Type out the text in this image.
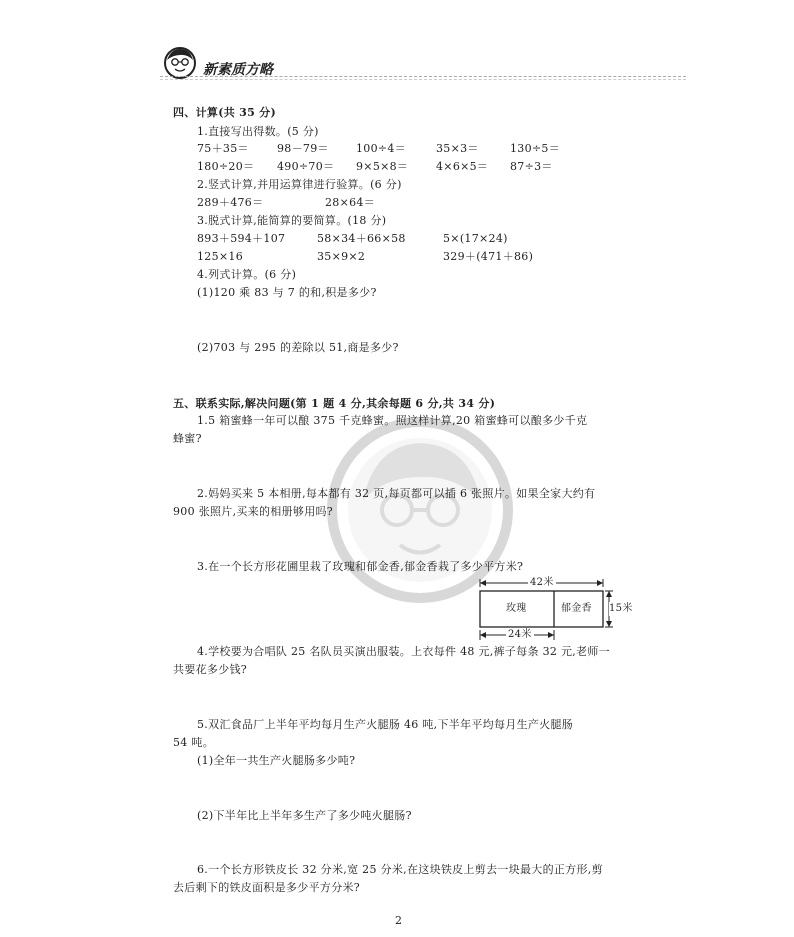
新素质方略
四、计算(共 35 分)
1.直接写出得数。(5 分)
75＋35＝	98－79＝ 100÷4＝	35×3＝	130÷5＝
180÷20＝ 490÷70＝ 9×5×8＝	4×6×5＝ 87÷3＝
2.竖式计算,并用运算律进行验算。(6 分)
289＋476＝	28×64＝
3.脱式计算,能简算的要简算。(18 分)
893＋594＋107	58×34＋66×58	5×(17×24)
125×16	35×9×2	329＋(471＋86)
4.列式计算。(6 分)
(1)120 乘 83 与 7 的和,积是多少?
(2)703 与 295 的差除以 51,商是多少?
五、联系实际,解决问题(第 1 题 4 分,其余每题 6 分,共 34 分)
1.5 箱蜜蜂一年可以酿 375 千克蜂蜜。照这样计算,20 箱蜜蜂可以酿多少千克
蜂蜜?
2.妈妈买来 5 本相册,每本都有 32 页,每页都可以插 6 张照片。如果全家大约有
900 张照片,买来的相册够用吗?
3.在一个长方形花圃里栽了玫瑰和郁金香,郁金香栽了多少平方米?
42米
玫瑰	郁金香 15米
24米
4.学校要为合唱队 25 名队员买演出服装。上衣每件 48 元,裤子每条 32 元,老师一
共要花多少钱?
5.双汇食品厂上半年平均每月生产火腿肠 46 吨,下半年平均每月生产火腿肠
54 吨。
(1)全年一共生产火腿肠多少吨?
(2)下半年比上半年多生产了多少吨火腿肠?
6.一个长方形铁皮长 32 分米,宽 25 分米,在这块铁皮上剪去一块最大的正方形,剪
去后剩下的铁皮面积是多少平方分米?
2
